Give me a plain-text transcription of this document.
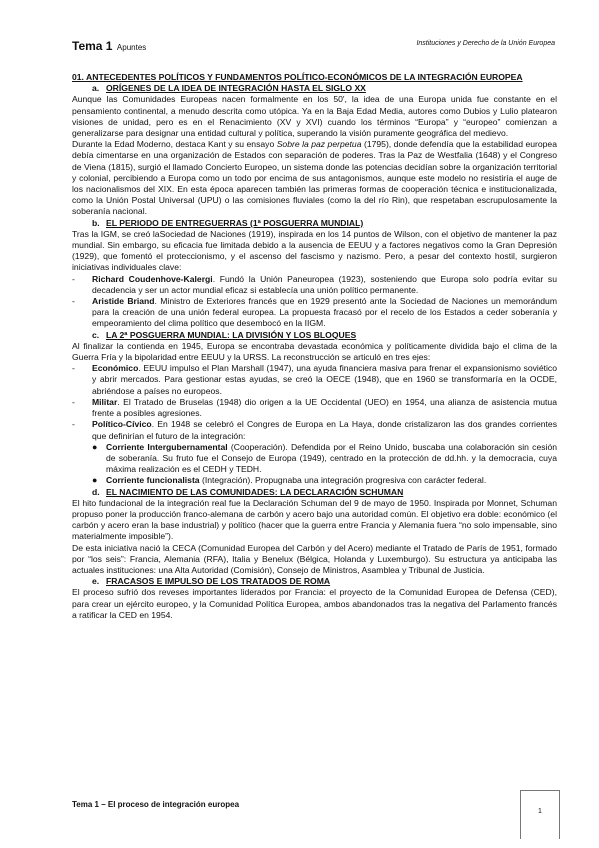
Tema 1 Apuntes	Instituciones y Derecho de la Unión Europea
01. ANTECEDENTES POLÍTICOS Y FUNDAMENTOS POLÍTICO-ECONÓMICOS DE LA INTEGRACIÓN EUROPEA
a. ORÍGENES DE LA IDEA DE INTEGRACIÓN HASTA EL SIGLO XX

Aunque las Comunidades Europeas nacen formalmente en los 50', la idea de una Europa unida fue constante en el pensamiento continental, a menudo descrita como utópica. Ya en la Baja Edad Media, autores como Dubios y Lulio platearon visiones de unidad, pero es en el Renacimiento (XV y XVI) cuando los términos “Europa” y “europeo” comienzan a generalizarse para designar una entidad cultural y política, superando la visión puramente geográfica del medievo.

Durante la Edad Moderno, destaca Kant y su ensayo Sobre la paz perpetua (1795), donde defendía que la estabilidad europea debía cimentarse en una organización de Estados con separación de poderes. Tras la Paz de Westfalia (1648) y el Congreso de Viena (1815), surgió el llamado Concierto Europeo, un sistema donde las potencias decidían sobre la organización territorial y colonial, percibiendo a Europa como un todo por encima de sus antagonismos, aunque este modelo no resistiría el auge de los nacionalismos del XIX. En esta época aparecen también las primeras formas de cooperación técnica e institucionalizada, como la Unión Postal Universal (UPU) o las comisiones fluviales (como la del río Rin), que respetaban escrupulosamente la soberanía nacional.

b. EL PERIODO DE ENTREGUERRAS (1ª POSGUERRA MUNDIAL)

Tras la IGM, se creó laSociedad de Naciones (1919), inspirada en los 14 puntos de Wilson, con el objetivo de mantener la paz mundial. Sin embargo, su eficacia fue limitada debido a la ausencia de EEUU y a factores negativos como la Gran Depresión (1929), que fomentó el proteccionismo, y el ascenso del fascismo y nazismo. Pero, a pesar del contexto hostil, surgieron iniciativas individuales clave:

- Richard Coudenhove-Kalergi. Fundó la Unión Paneuropea (1923), sosteniendo que Europa solo podría evitar su decadencia y ser un actor mundial eficaz si establecía una unión político permanente.
- Aristide Briand. Ministro de Exteriores francés que en 1929 presentó ante la Sociedad de Naciones un memorándum para la creación de una unión federal europea. La propuesta fracasó por el recelo de los Estados a ceder soberanía y empeoramiento del clima político que desembocó en la IIGM.
c. LA 2ª POSGUERRA MUNDIAL: LA DIVISIÓN Y LOS BLOQUES

Al finalizar la contienda en 1945, Europa se encontraba devastada económica y políticamente dividida bajo el clima de la Guerra Fría y la bipolaridad entre EEUU y la URSS. La reconstrucción se articuló en tres ejes:

- Económico. EEUU impulso el Plan Marshall (1947), una ayuda financiera masiva para frenar el expansionismo soviético y abrir mercados. Para gestionar estas ayudas, se creó la OECE (1948), que en 1960 se transformaría en la OCDE, abriéndose a países no europeos.
- Militar. El Tratado de Bruselas (1948) dio origen a la UE Occidental (UEO) en 1954, una alianza de asistencia mutua frente a posibles agresiones.
- Político-Cívico. En 1948 se celebró el Congres de Europa en La Haya, donde cristalizaron las dos grandes corrientes que definirían el futuro de la integración:
● Corriente Intergubernamental (Cooperación). Defendida por el Reino Unido, buscaba una colaboración sin cesión de soberanía. Su fruto fue el Consejo de Europa (1949), centrado en la protección de dd.hh. y la democracia, cuya máxima realización es el CEDH y TEDH.
● Corriente funcionalista (Integración). Propugnaba una integración progresiva con carácter federal.
d. EL NACIMIENTO DE LAS COMUNIDADES: LA DECLARACIÓN SCHUMAN

El hito fundacional de la integración real fue la Declaración Schuman del 9 de mayo de 1950. Inspirada por Monnet, Schuman propuso poner la producción franco-alemana de carbón y acero bajo una autoridad común. El objetivo era doble: económico (el carbón y acero eran la base industrial) y político (hacer que la guerra entre Francia y Alemania fuera “no solo impensable, sino materialmente imposible”).

De esta iniciativa nació la CECA (Comunidad Europea del Carbón y del Acero) mediante el Tratado de París de 1951, formado por “los seis”: Francia, Alemania (RFA), Italia y Benelux (Bélgica, Holanda y Luxemburgo). Su estructura ya anticipaba las actuales instituciones: una Alta Autoridad (Comisión), Consejo de Ministros, Asamblea y Tribunal de Justicia.

e. FRACASOS E IMPULSO DE LOS TRATADOS DE ROMA

El proceso sufrió dos reveses importantes liderados por Francia: el proyecto de la Comunidad Europea de Defensa (CED), para crear un ejército europeo, y la Comunidad Política Europea, ambos abandonados tras la negativa del Parlamento francés a ratificar la CED en 1954.

Tema 1 – El proceso de integración europea
1
